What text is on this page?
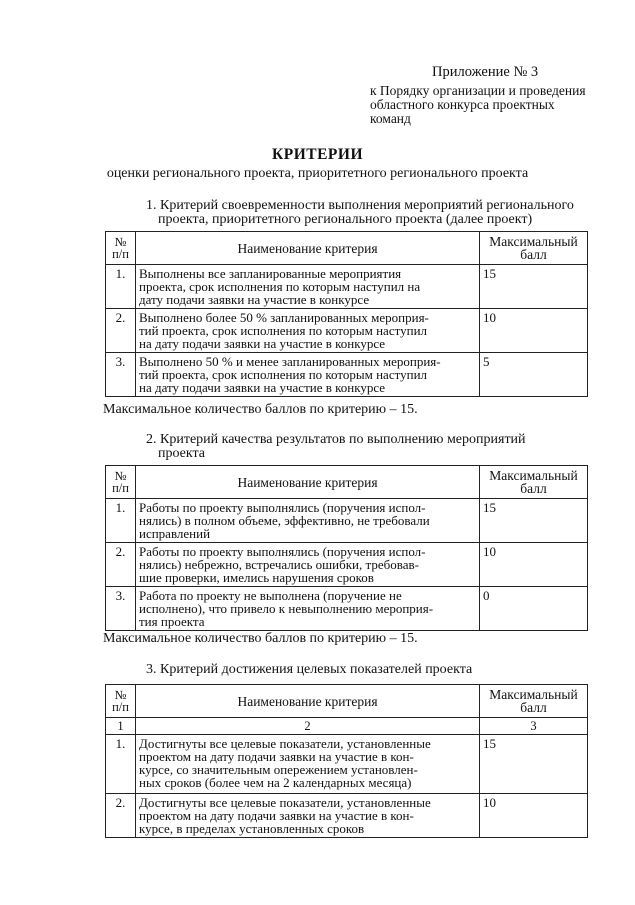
Приложение № 3
к Порядку организации и проведения
областного конкурса проектных
команд
КРИТЕРИИ
оценки регионального проекта, приоритетного регионального проекта
1. Критерий своевременности выполнения мероприятий регионального
проекта, приоритетного регионального проекта (далее проект)
№
п/п	Наименование критерия	Максимальный
балл
1.	Выполнены все запланированные мероприятия
проекта, срок исполнения по которым наступил на
дату подачи заявки на участие в конкурсе	15
2.	Выполнено более 50 % запланированных мероприя-
тий проекта, срок исполнения по которым наступил
на дату подачи заявки на участие в конкурсе	10
3.	Выполнено 50 % и менее запланированных мероприя-
тий проекта, срок исполнения по которым наступил
на дату подачи заявки на участие в конкурсе	5
Максимальное количество баллов по критерию – 15.
2. Критерий качества результатов по выполнению мероприятий
проекта
№
п/п	Наименование критерия	Максимальный
балл
1.	Работы по проекту выполнялись (поручения испол-
нялись) в полном объеме, эффективно, не требовали
исправлений	15
2.	Работы по проекту выполнялись (поручения испол-
нялись) небрежно, встречались ошибки, требовав-
шие проверки, имелись нарушения сроков	10
3.	Работа по проекту не выполнена (поручение не
исполнено), что привело к невыполнению мероприя-
тия проекта	0
Максимальное количество баллов по критерию – 15.
3. Критерий достижения целевых показателей проекта
№
п/п	Наименование критерия	Максимальный
балл
1	2	3
1.	Достигнуты все целевые показатели, установленные
проектом на дату подачи заявки на участие в кон-
курсе, со значительным опережением установлен-
ных сроков (более чем на 2 календарных месяца)	15
2.	Достигнуты все целевые показатели, установленные
проектом на дату подачи заявки на участие в кон-
курсе, в пределах установленных сроков	10
